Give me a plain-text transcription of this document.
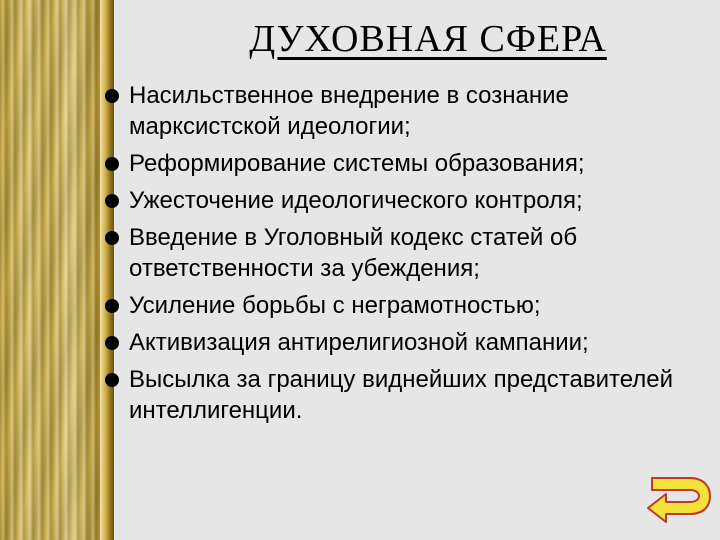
ДУХОВНАЯ СФЕРА
Насильственное внедрение в сознание марксистской идеологии;
Реформирование системы образования;
Ужесточение идеологического контроля;
Введение в Уголовный кодекс статей об ответственности за убеждения;
Усиление борьбы с неграмотностью;
Активизация антирелигиозной кампании;
Высылка за границу виднейших представителей интеллигенции.
